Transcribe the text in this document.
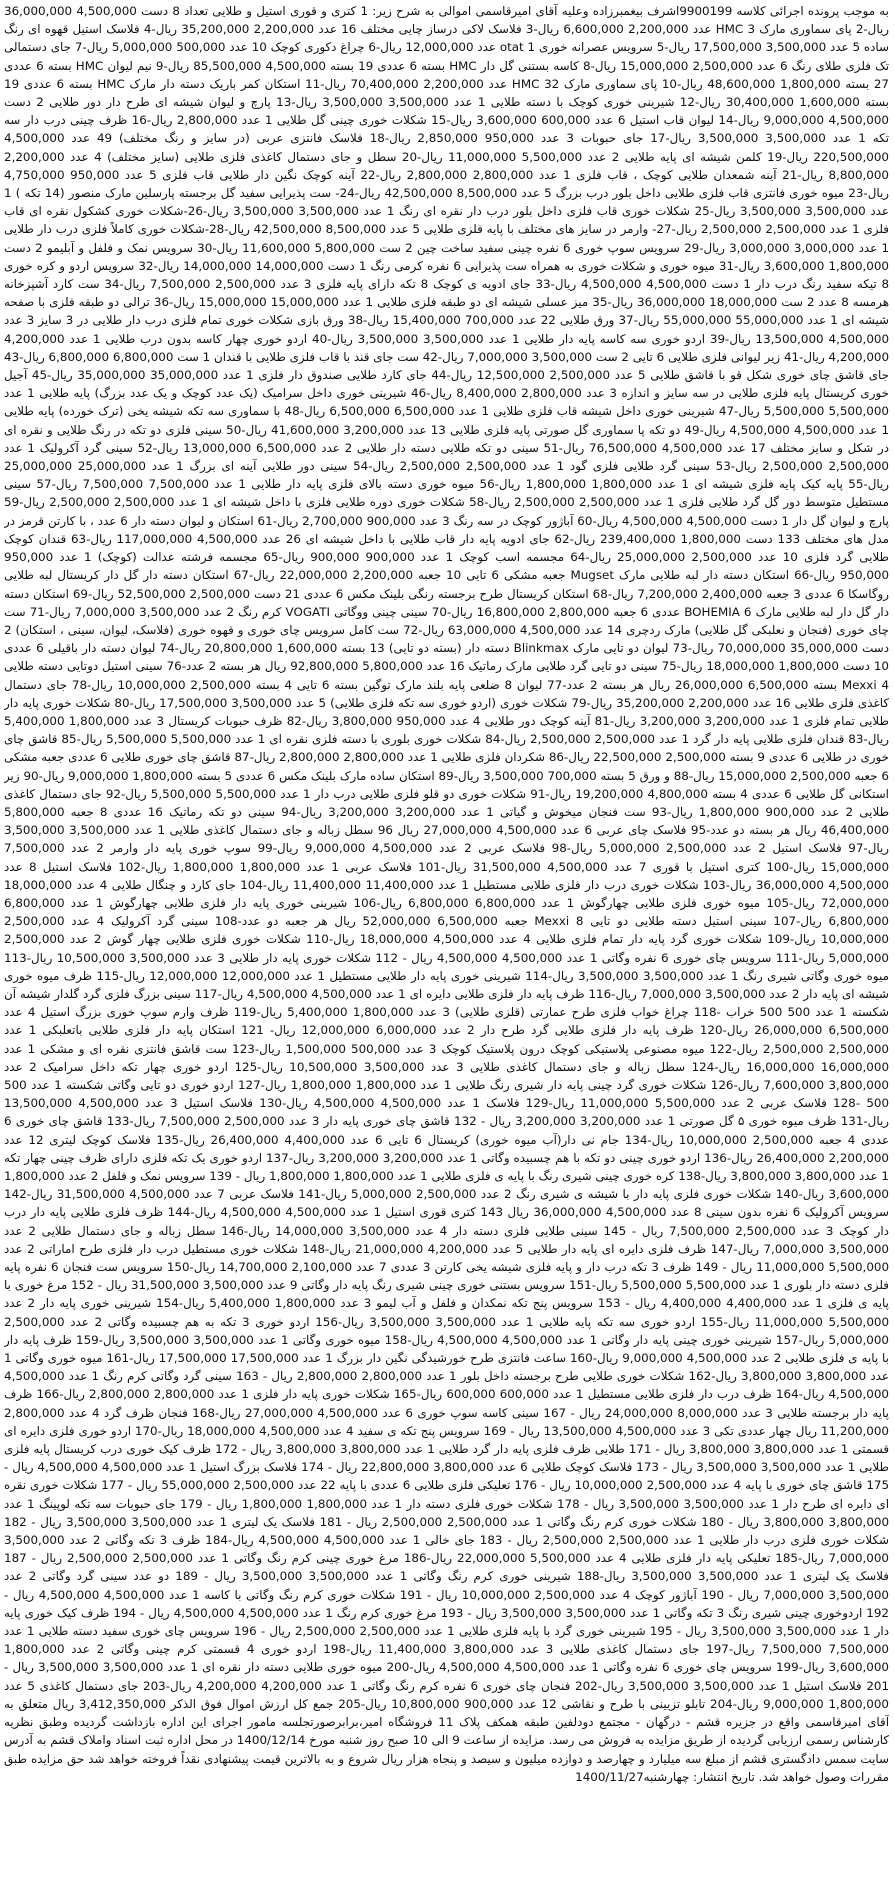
به موجب پرونده اجرائی کلاسه 9900199اشرف بیغمبرزاده وعلیه آقای امیرقاسمی اموالی به شرح زیر: 1 کتری و قوری استیل و طلایی تعداد 8 دست 4,500,000 36,000,000 ریال-2 پای سماوری مارک 3 HMC عدد 2,200,000 6,600,000 ریال-3 فلاسک لاکی درساز چایی مختلف 16 عدد 2,200,000 35,200,000 ریال-4 فلاسک استیل قهوه ای رنگ ساده 5 عدد 3,500,000 17,500,000 ریال-5 سرویس عصرانه خوری otat 1 عدد 12,000,000 ریال-6 چراغ دکوری کوچک 10 عدد 500,000 5,000,000 ریال-7 جای دستمالی تک فلزی طلای رنگ 6 عدد 2,500,000 15,000,000 ریال-8 کاسه بستنی گل دار HMC بسته 6 عددی 19 بسته 4,500,000 85,500,000 ریال-9 نیم لیوان HMC بسته 6 عددی 27 بسته 1,800,000 48,600,000 ریال-10 پای سماوری مارک HMC 32 عدد 2,200,000 70,400,000 ریال-11 استکان کمر باریک دسته دار مارک HMC بسته 6 عددی 19 بسته 1,600,000 30,400,000 ریال-12 شیرینی خوری کوچک با دسته طلایی 1 عدد 3,500,000 3,500,000 ریال-13 پارچ و لیوان شیشه ای طرح دار دور طلایی 2 دست 4,500,000 9,000,000 ریال-14 لیوان قاب استیل 6 عدد 600,000 3,600,000 ریال-15 شکلات خوری چینی گل طلایی 1 عدد 2,800,000 ریال-16 ظرف چینی درب دار سه تکه 1 عدد 3,500,000 3,500,000 ریال-17 جای حبوبات 3 عدد 950,000 2,850,000 ریال-18 فلاسک فانتزی عربی (در سایز و رنگ مختلف) 49 عدد 4,500,000 220,500,000 ریال-19 کلمن شیشه ای پایه طلایی 2 عدد 5,500,000 11,000,000 ریال-20 سطل و جای دستمال کاغذی فلزی طلایی (سایز مختلف) 4 عدد 2,200,000 8,800,000 ریال-21 آینه شمعدان طلایی کوچک ، قاب فلزی 1 عدد 2,800,000 2,800,000 ریال-22 آینه کوچک نگین دار طلایی قاب فلزی 5 عدد 950,000 4,750,000 ریال-23 میوه خوری فانتزی قاب فلزی طلایی داخل بلور درب بزرگ 5 عدد 8,500,000 42,500,000 ریال-24- ست پذیرایی سفید گل برجسته پارسلین مارک منصور (14 تکه ) 1 عدد 3,500,000 3,500,000 ریال-25 شکلات خوری قاب فلزی داخل بلور درب دار نقره ای رنگ 1 عدد 3,500,000 3,500,000 ریال-26-شکلات خوری کشکول نقره ای قاب فلزی 1 عدد 2,500,000 2,500,000 ریال-27- وارمر در سایز های مختلف با پایه فلزی طلایی 5 عدد 8,500,000 42,500,000 ریال-28-شکلات خوری کاملاً فلزی درب دار طلایی 1 عدد 3,000,000 3,000,000 ریال-29 سرویس سوپ خوری 6 نفره چینی سفید ساخت چین 2 ست 5,800,000 11,600,000 ریال-30 سرویس نمک و فلفل و آبلیمو 2 دست 1,800,000 3,600,000 ریال-31 میوه خوری و شکلات خوری به همراه ست پذیرایی 6 نفره کرمی رنگ 1 دست 14,000,000 14,000,000 ریال-32 سرویس اردو و کره خوری 8 تیکه سفید رنگ درب دار 1 دست 4,500,000 4,500,000 ریال-33 جای ادویه ی کوچک 8 تکه دارای پایه فلزی 3 عدد 2,500,000 7,500,000 ریال-34 ست کارد آشپزخانه هرمسه 8 عدد 2 ست 18,000,000 36,000,000 ریال-35 میز عسلی شیشه ای دو طبقه فلزی طلایی 1 عدد 15,000,000 15,000,000 ریال-36 ترالی دو طبقه فلزی با صفحه شیشه ای 1 عدد 55,000,000 55,000,000 ریال-37 ورق طلایی 22 عدد 700,000 15,400,000 ریال-38 ورق بازی شکلات خوری تمام فلزی درب دار طلایی در 3 سایز 3 عدد 4,500,000 13,500,000 ریال-39 اردو خوری سه کاسه پایه دار طلایی 1 عدد 3,500,000 3,500,000 ریال-40 اردو خوری چهار کاسه بدون درب طلایی 1 عدد 4,200,000 4,200,000 ریال-41 زیر لیوانی فلزی طلایی 6 تایی 2 ست 3,500,000 7,000,000 ریال-42 ست جای قند با قاب فلزی طلایی با قندان 1 ست 6,800,000 6,800,000 ریال-43 جای قاشق چای خوری شکل قو با قاشق طلایی 5 عدد 2,500,000 12,500,000 ریال-44 جای کارد طلایی صندوق دار فلزی 1 عدد 35,000,000 35,000,000 ریال-45 آجیل خوری کریستال پایه فلزی طلایی در سه سایز و اندازه 3 عدد 2,800,000 8,400,000 ریال-46 شیرینی خوری داخل سرامیک (یک عدد کوچک و یک عدد بزرگ) پایه طلایی 1 عدد 5,500,000 5,500,000 ریال-47 شیرینی خوری داخل شیشه قاب فلزی طلایی 1 عدد 6,500,000 6,500,000 ریال-48 با سماوری سه تکه شیشه یخی (ترک خورده) پایه طلایی 1 عدد 4,500,000 4,500,000 ریال-49 دو تکه پا سماوری گل صورتی پایه فلزی طلایی 13 عدد 3,200,000 41,600,000 ریال-50 سینی فلزی دو تکه در رنگ طلایی و نقره ای در شکل و سایز مختلف 17 عدد 4,500,000 76,500,000 ریال-51 سینی دو تکه طلایی دسته دار طلایی 2 عدد 6,500,000 13,000,000 ریال-52 سینی گرد آکرولیک 1 عدد 2,500,000 2,500,000 ریال-53 سینی گرد طلایی فلزی گود 1 عدد 2,500,000 2,500,000 ریال-54 سینی دور طلایی آینه ای بزرگ 1 عدد 25,000,000 25,000,000 ریال-55 پایه کیک پایه فلزی شیشه ای 1 عدد 1,800,000 1,800,000 ریال-56 میوه خوری دسته بالای فلزی پایه دار طلایی 1 عدد 7,500,000 7,500,000 ریال-57 سینی مستطیل متوسط دور گل گرد طلایی فلزی 1 عدد 2,500,000 2,500,000 ریال-58 شکلات خوری دوره طلایی فلزی با داخل شیشه ای 1 عدد 2,500,000 2,500,000 ریال-59 پارچ و لیوان گل دار 1 دست 4,500,000 4,500,000 ریال-60 آباژور کوچک در سه رنگ 3 عدد 900,000 2,700,000 ریال-61 استکان و لیوان دسته دار 6 عدد ، با کارتن قرمز در مدل های مختلف 133 دست 1,800,000 239,400,000 ریال-62 جای ادویه پایه دار قاب طلایی با داخل شیشه ای 26 عدد 4,500,000 117,000,000 ریال-63 قندان کوچک طلایی گرد فلزی 10 عدد 2,500,000 25,000,000 ریال-64 مجسمه اسب کوچک 1 عدد 900,000 900,000 ریال-65 مجسمه فرشته عدالت (کوچک) 1 عدد 950,000 950,000 ریال-66 استکان دسته دار لبه طلایی مارک Mugset جعبه مشکی 6 تایی 10 جعبه 2,200,000 22,000,000 ریال-67 استکان دسته دار گل دار کریستال لبه طلایی روگاسکا 6 عددی 3 جعبه 2,400,000 7,200,000 ریال-68 استکان کریستال طرح برجسته رنگی بلینک مکس 6 عددی 21 دست 2,500,000 52,500,000 ریال-69 استکان دسته دار گل دار لبه طلایی مارک BOHEMIA 6 عددی 6 جعبه 2,800,000 16,800,000 ریال-70 سینی چینی ووگاتی VOGATI کرم رنگ 2 عدد 3,500,000 7,000,000 ریال-71 ست چای خوری (فنجان و نعلبکی گل طلایی) مارک ردچری 14 عدد 4,500,000 63,000,000 ریال-72 ست کامل سرویس چای خوری و قهوه خوری (فلاسک، لیوان، سینی ، استکان) 2 دست 35,000,000 70,000,000 ریال-73 لیوان دو تایی مارک Blinkmax دسته دار (بسته دو تایی) 13 بسته 1,600,000 20,800,000 ریال-74 لیوان دسته دار باقیلی 6 عددی 10 دست 1,800,000 18,000,000 ریال-75 سینی دو تایی گرد طلایی مارک رماتیک 16 عدد 5,800,000 92,800,000 ریال هر بسته 2 عدد-76 سینی استیل دوتایی دسته طلایی Mexxi 4 بسته 6,500,000 26,000,000 ریال هر بسته 2 عدد-77 لیوان 8 ضلعی پایه بلند مارک توگین بسته 6 تایی 4 بسته 2,500,000 10,000,000 ریال-78 جای دستمال کاغذی فلزی طلایی 16 عدد 2,200,000 35,200,000 ریال-79 شکلات خوری (اردو خوری سه تکه فلزی طلایی) 5 عدد 3,500,000 17,500,000 ریال-80 شکلات خوری پایه دار طلایی تمام فلزی 1 عدد 3,200,000 3,200,000 ریال-81 آینه کوچک دور طلایی 4 عدد 950,000 3,800,000 ریال-82 ظرف حبوبات کریستال 3 عدد 1,800,000 5,400,000 ریال-83 قندان فلزی طلایی پایه دار گرد 1 عدد 2,500,000 2,500,000 ریال-84 شکلات خوری بلوری با دسته فلزی نقره ای 1 عدد 5,500,000 5,500,000 ریال-85 قاشق چای خوری در طلایی 6 عددی 9 بسته 2,500,000 22,500,000 ریال-86 شکردان فلزی طلایی 1 عدد 2,800,000 2,800,000 ریال-87 قاشق چای خوری طلایی 6 عددی جعبه مشکی 6 جعبه 2,500,000 15,000,000 ریال-88 و ورق 5 بسته 700,000 3,500,000 ریال-89 استکان ساده مارک بلینک مکس 6 عددی 5 بسته 1,800,000 9,000,000 ریال-90 زیر استکانی گل طلایی 6 عددی 4 بسته 4,800,000 19,200,000 ریال-91 شکلات خوری دو قلو فلزی طلایی درب دار 1 عدد 5,500,000 5,500,000 ریال-92 جای دستمال کاغذی طلایی 2 عدد 900,000 1,800,000 ریال-93 ست فنجان میخوش و گیاتی 1 عدد 3,200,000 3,200,000 ریال-94 سینی دو تکه رماتیک 16 عددی 8 جعبه 5,800,000 46,400,000 ریال هر بسته دو عدد-95 فلاسک چای عربی 6 عدد 4,500,000 27,000,000 ریال 96 سطل زباله و جای دستمال کاغذی طلایی 1 عدد 3,500,000 3,500,000 ریال-97 فلاسک استیل 2 عدد 2,500,000 5,000,000 ریال-98 فلاسک عربی 2 عدد 4,500,000 9,000,000 ریال-99 سوپ خوری پایه دار وارمر 2 عدد 7,500,000 15,000,000 ریال-100 کتری استیل با قوری 7 عدد 4,500,000 31,500,000 ریال-101 فلاسک عربی 1 عدد 1,800,000 1,800,000 ریال-102 فلاسک استیل 8 عدد 4,500,000 36,000,000 ریال-103 شکلات خوری درب دار فلزی طلایی مستطیل 1 عدد 11,400,000 11,400,000 ریال-104 جای کارد و چنگال طلایی 4 عدد 18,000,000 72,000,000 ریال-105 میوه خوری فلزی طلایی چهارگوش 1 عدد 6,800,000 6,800,000 ریال-106 شیرینی خوری پایه دار فلزی طلایی چهارگوش 1 عدد 6,800,000 6,800,000 ریال-107 سینی استیل دسته طلایی دو تایی Mexxi 8 جعبه 6,500,000 52,000,000 ریال هر جعبه دو عدد-108 سینی گرد آکرولیک 4 عدد 2,500,000 10,000,000 ریال-109 شکلات خوری گرد پایه دار تمام فلزی طلایی 4 عدد 4,500,000 18,000,000 ریال-110 شکلات خوری فلزی طلایی چهار گوش 2 عدد 2,500,000 5,000,000 ریال-111 سرویس چای خوری 6 نفره وگاتی 1 عدد 4,500,000 4,500,000 ریال - 112 شکلات خوری پایه دار طلایی 3 عدد 3,500,000 10,500,000 ریال-113 میوه خوری وگاتی شیری رنگ 1 عدد 3,500,000 3,500,000 ریال-114 شیرینی خوری پایه دار طلایی مستطیل 1 عدد 12,000,000 12,000,000 ریال-115 ظرف میوه خوری شیشه ای پایه دار 2 عدد 3,500,000 7,000,000 ریال-116 ظرف پایه دار فلزی طلایی دایره ای 1 عدد 4,500,000 4,500,000 ریال-117 سینی بزرگ فلزی گرد گلدار شیشه آن شکسته 1 عدد 500 500 خراب -118 چراغ خواب فلزی طرح عمارتی (قلزی طلایی) 3 عدد 1,800,000 5,400,000 ریال-119 ظرف وارم سوپ خوری بزرگ استیل 4 عدد 6,500,000 26,000,000 ریال-120 ظرف پایه دار فلزی طلایی گرد طرح دار 2 عدد 6,000,000 12,000,000 ریال- 121 استکان پایه دار فلزی طلایی باتعلبکی 1 عدد 2,500,000 2,500,000 ریال-122 میوه مصنوعی پلاستیکی کوچک درون پلاستیک کوچک 3 عدد 500,000 1,500,000 ریال-123 ست قاشق فانتزی نقره ای و مشکی 1 عدد 16,000,000 16,000,000 ریال-124 سطل زباله و جای دستمال کاغذی طلایی 3 عدد 3,500,000 10,500,000 ریال-125 اردو خوری چهار تکه داخل سرامیک 2 عدد 3,800,000 7,600,000 ریال-126 شکلات خوری گرد چینی پایه دار شیری رنگ طلایی 1 عدد 1,800,000 1,800,000 ریال-127 اردو خوری دو تایی وگاتی شکسته 1 عدد 500 500 -128 فلاسک عربی 2 عدد 5,500,000 11,000,000 ریال-129 فلاسک 1 عدد 4,500,000 4,500,000 ریال-130 فلاسک استیل 3 عدد 4,500,000 13,500,000 ریال-131 ظرف میوه خوری ۵ گل صورتی 1 عدد 3,200,000 3,200,000 ریال - 132 قاشق چای خوری پایه دار 3 عدد 2,500,000 7,500,000 ریال-133 قاشق چای خوری 6 عددی 4 جعبه 2,500,000 10,000,000 ریال-134 جام نی دار(آب میوه خوری) کریستال 6 تایی 6 عدد 4,400,000 26,400,000 ریال-135 فلاسک کوچک لیتری 12 عدد 2,200,000 26,400,000 ریال-136 اردو خوری چینی دو تکه با هم چسبیده وگاتی 1 عدد 3,200,000 3,200,000 ریال-137 اردو خوری یک تکه فلزی دارای ظرف چینی چهار تکه 1 عدد 3,800,000 3,800,000 ریال-138 کره خوری چینی شیری رنگ با پایه ی فلزی طلایی 1 عدد 1,800,000 1,800,000 ریال - 139 سرویس نمک و فلفل 2 عدد 1,800,000 3,600,000 ریال-140 شکلات خوری فلزی پایه دار با شیشه ی شیری رنگ 2 عدد 2,500,000 5,000,000 ریال-141 فلاسک عربی 7 عدد 4,500,000 31,500,000 ریال-142 سرویس آکرولیک 6 نفره بدون سینی 8 عدد 4,500,000 36,000,000 ریال 143 کتری قوری استیل 1 عدد 4,500,000 4,500,000 ریال-144 ظرف فلزی طلایی پایه دار درب دار کوچک 3 عدد 2,500,000 7,500,000 ریال - 145 سینی طلایی فلزی دسته دار 4 عدد 3,500,000 14,000,000 ریال-146 سطل زباله و جای دستمال طلایی 2 عدد 3,500,000 7,000,000 ریال-147 ظرف فلزی دایره ای پایه دار طلایی 5 عدد 4,200,000 21,000,000 ریال-148 شکلات خوری مستطیل درب دار فلزی طرح اماراتی 2 عدد 5,500,000 11,000,000 ریال - 149 ظرف 3 تکه درب دار و پایه فلزی شیشه یخی کارتن 3 عددی 7 عدد 2,100,000 14,700,000 ریال-150 سرویس ست فنجان 6 نفره پایه فلزی دسته دار بلوری 1 عدد 5,500,000 5,500,000 ریال-151 سرویس بستنی خوری چینی شیری رنگ پایه دار وگاتی 9 عدد 3,500,000 31,500,000 ریال - 152 مرغ خوری با پایه ی فلزی 1 عدد 4,400,000 4,400,000 ریال - 153 سرویس پنج تکه نمکدان و فلفل و آب لیمو 3 عدد 1,800,000 5,400,000 ریال-154 شیرینی خوری پایه دار 2 عدد 5,500,000 11,000,000 ریال-155 اردو خوری سه تکه پایه طلایی 1 عدد 3,500,000 3,500,000 ریال-156 اردو خوری 3 تکه به هم چسبیده وگاتی 2 عدد 2,500,000 5,000,000 ریال-157 شیرینی خوری چینی پایه دار وگاتی 1 عدد 4,500,000 4,500,000 ریال-158 میوه خوری وگاتی 1 عدد 3,500,000 3,500,000 ریال-159 ظرف پایه دار با پایه ی فلزی طلایی 2 عدد 4,500,000 9,000,000 ریال-160 ساعت فانتزی طرح خورشیدگی نگین دار بزرگ 1 عدد 17,500,000 17,500,000 ریال-161 میوه خوری وگاتی 1 عدد 3,800,000 3,800,000 ریال-162 شکلات خوری طلایی طرح برجسته داخل بلور 1 عدد 2,800,000 2,800,000 ریال - 163 سینی گرد وگاتی کرم رنگ 1 عدد 4,500,000 4,500,000 ریال-164 ظرف درب دار فلزی طلایی مستطیل 1 عدد 600,000 600,000 ریال-165 شکلات خوری پایه دار فلزی 1 عدد 2,800,000 2,800,000 ریال-166 ظرف پایه دار برجسته طلایی 3 عدد 8,000,000 24,000,000 ریال - 167 سینی کاسه سوپ خوری 6 عدد 4,500,000 27,000,000 ریال-168 فنجان ظرف گرد 4 عدد 2,800,000 11,200,000 ریال چهار عددی تکی 3 عدد 4,500,000 13,500,000 ریال - 169 سرویس پنج تکه ی سفید 4 عدد 4,500,000 18,000,000 ریال-170 اردو خوری فلزی دایره ای قسمتی 1 عدد 3,800,000 3,800,000 ریال - 171 طلایی ظرف فلزی پایه دار گرد طلایی 1 عدد 3,800,000 3,800,000 ریال - 172 ظرف کیک خوری درب کریستال پایه فلزی طلایی 1 عدد 3,500,000 3,500,000 ریال - 173 فلاسک کوچک طلایی 6 عدد 3,800,000 22,800,000 ریال - 174 فلاسک بزرگ استیل 1 عدد 4,500,000 4,500,000 ریال - 175 قاشق چای خوری با پایه 4 عدد 2,500,000 10,000,000 ریال - 176 تعلیکی فلزی طلایی 6 عددی با پایه 22 عدد 2,500,000 55,000,000 ریال - 177 شکلات خوری نقره ای دایره ای طرح دار 1 عدد 3,500,000 3,500,000 ریال - 178 شکلات خوری فلزی دسته دار 1 عدد 1,800,000 1,800,000 ریال - 179 جای حبوبات سه تکه لوپینگ 1 عدد 3,800,000 3,800,000 ریال - 180 شکلات خوری کرم رنگ وگاتی 1 عدد 2,500,000 2,500,000 ریال - 181 فلاسک یک لیتری 1 عدد 3,500,000 3,500,000 ریال - 182 شکلات خوری فلزی درب دار طلایی 1 عدد 2,500,000 2,500,000 ریال - 183 جای خالی 1 عدد 4,500,000 4,500,000 ریال-184 ظرف 3 تکه وگاتی 2 عدد 3,500,000 7,000,000 ریال-185 تعلیکی پایه دار فلزی طلایی 4 عدد 5,500,000 22,000,000 ریال-186 مرغ خوری چینی کرم رنگ وگاتی 1 عدد 2,500,000 2,500,000 ریال - 187 فلاسک یک لیتری 1 عدد 3,500,000 3,500,000 ریال-188 شیرینی خوری کرم رنگ وگاتی 1 عدد 3,500,000 3,500,000 ریال - 189 دو عدد سینی گرد وگاتی 2 عدد 3,500,000 7,000,000 ریال - 190 آباژور کوچک 4 عدد 2,500,000 10,000,000 ریال - 191 شکلات خوری کرم رنگ وگاتی با کاسه 1 عدد 4,500,000 4,500,000 ریال - 192 اردوخوری چینی شیری رنگ 3 تکه وگاتی 1 عدد 3,500,000 3,500,000 ریال - 193 مرغ خوری کرم رنگ 1 عدد 4,500,000 4,500,000 ریال - 194 ظرف کیک خوری پایه دار 1 عدد 3,500,000 3,500,000 ریال - 195 شیرینی خوری گرد با پایه فلزی طلایی 1 عدد 2,500,000 2,500,000 ریال - 196 سرویس چای خوری سفید دسته طلایی 1 عدد 7,500,000 7,500,000 ریال-197 جای دستمال کاغذی طلایی 3 عدد 3,800,000 11,400,000 ریال-198 اردو خوری 4 قسمتی کرم چینی وگاتی 2 عدد 1,800,000 3,600,000 ریال-199 سرویس چای خوری 6 نفره وگاتی 1 عدد 4,500,000 4,500,000 ریال-200 میوه خوری طلایی دسته دار نقره ای 1 عدد 3,500,000 3,500,000 ریال - 201 فلاسک استیل 1 عدد 3,500,000 3,500,000 ریال-202 فنجان چای خوری 6 نفره کرم رنگ وگاتی 1 عدد 4,200,000 4,200,000 ریال-203 جای دستمال کاغذی 5 عدد 1,800,000 9,000,000 ریال-204 تابلو تزیینی با طرح و نقاشی 12 عدد 900,000 10,800,000 ریال-205 جمع کل ارزش اموال فوق الذکر 3,412,350,000 ریال متعلق به آقای امیرقاسمی واقع در جزیره قشم - درگهان - مجتمع دودلفین طبقه همکف پلاک 11 فروشگاه امیر،برابرصورتجلسه مامور اجرای این اداره بازداشت گردیده وطبق نظریه کارشناس رسمی ارزیابی گردیده از طریق مزایده به فروش می رسد. مزایده از ساعت 9 الی 10 صبح روز شنبه مورخ 1400/12/14 در محل اداره ثبت اسناد واملاک قشم به آدرس سایت سمس دادگستری قشم از مبلغ سه میلیارد و چهارصد و دوازده میلیون و سیصد و پنجاه هزار ریال شروع و به بالاترین قیمت پیشنهادی نقداً فروخته خواهد شد حق مزایده طبق مقررات وصول خواهد شد. تاریخ انتشار: چهارشنبه1400/11/27
